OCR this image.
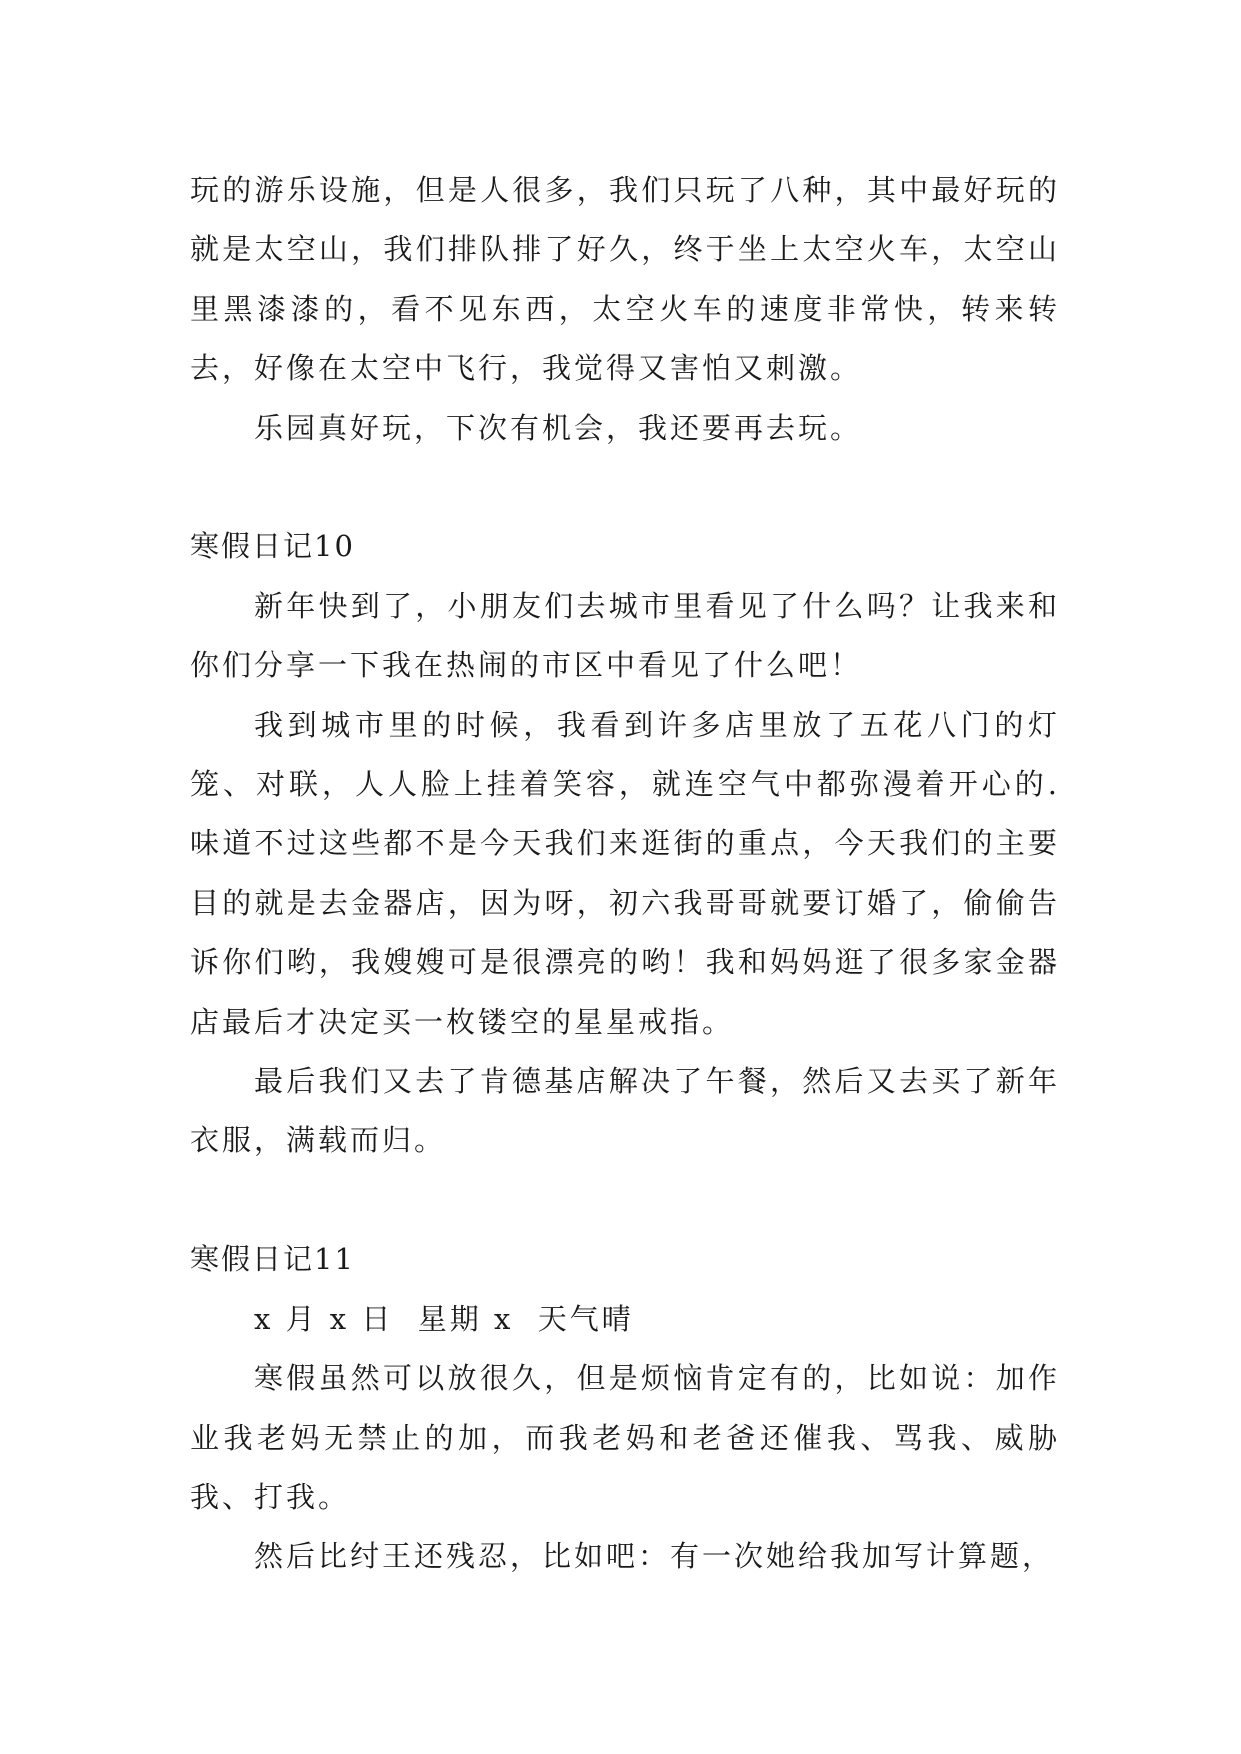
玩的游乐设施，但是人很多，我们只玩了八种，其中最好玩的就是太空山，我们排队排了好久，终于坐上太空火车，太空山里黑漆漆的，看不见东西，太空火车的速度非常快，转来转去，好像在太空中飞行，我觉得又害怕又刺激。

乐园真好玩，下次有机会，我还要再去玩。

寒假日记10

新年快到了，小朋友们去城市里看见了什么吗？让我来和你们分享一下我在热闹的市区中看见了什么吧！

我到城市里的时候，我看到许多店里放了五花八门的灯笼、对联，人人脸上挂着笑容，就连空气中都弥漫着开心的.味道不过这些都不是今天我们来逛街的重点，今天我们的主要目的就是去金器店，因为呀，初六我哥哥就要订婚了，偷偷告诉你们哟，我嫂嫂可是很漂亮的哟！我和妈妈逛了很多家金器店最后才决定买一枚镂空的星星戒指。

最后我们又去了肯德基店解决了午餐，然后又去买了新年衣服，满载而归。

寒假日记11

x 月 x 日  星期 x  天气晴

寒假虽然可以放很久，但是烦恼肯定有的，比如说：加作业我老妈无禁止的加，而我老妈和老爸还催我、骂我、威胁我、打我。

然后比纣王还残忍，比如吧：有一次她给我加写计算题，
